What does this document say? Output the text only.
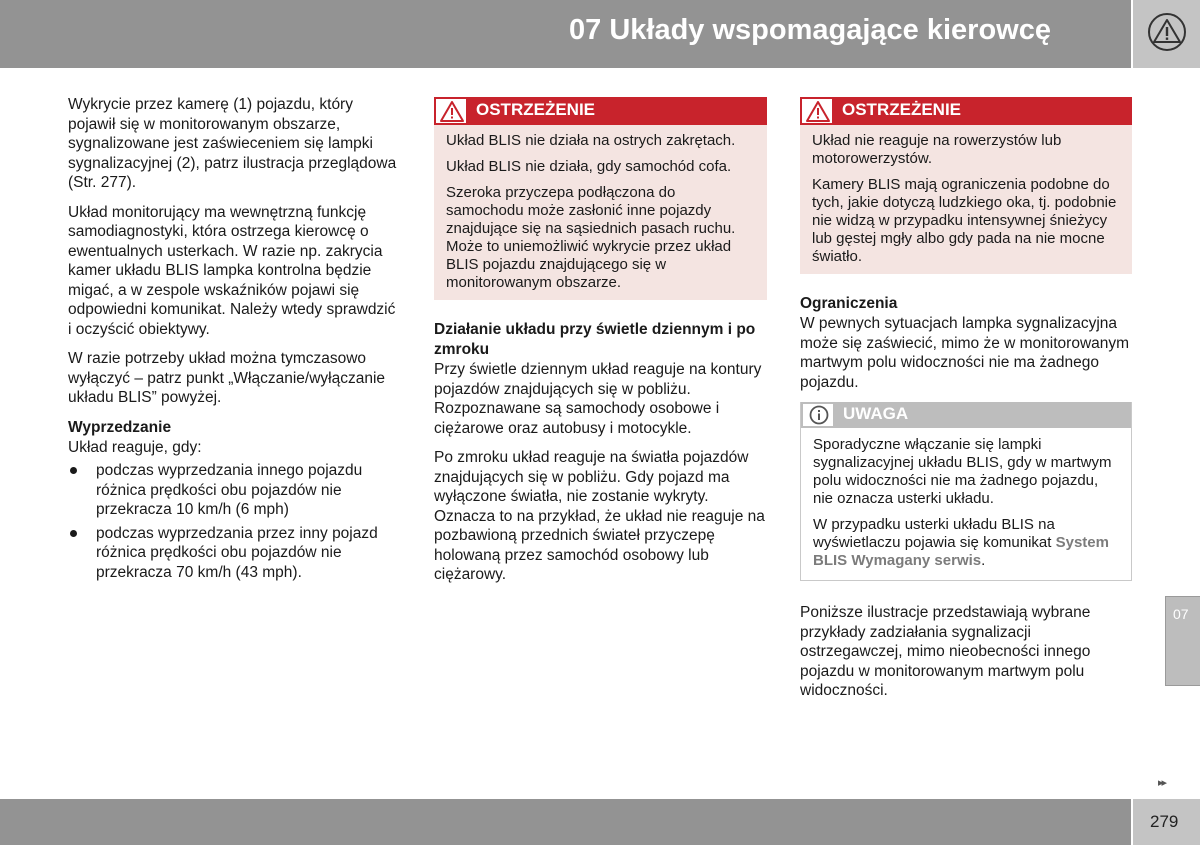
07 Układy wspomagające kierowcę

Wykrycie przez kamerę (1) pojazdu, który pojawił się w monitorowanym obszarze, sygnalizowane jest zaświeceniem się lampki sygnalizacyjnej (2), patrz ilustracja przeglądowa (Str. 277).

Układ monitorujący ma wewnętrzną funkcję samodiagnostyki, która ostrzega kierowcę o ewentualnych usterkach. W razie np. zakrycia kamer układu BLIS lampka kontrolna będzie migać, a w zespole wskaźników pojawi się odpowiedni komunikat. Należy wtedy sprawdzić i oczyścić obiektywy.

W razie potrzeby układ można tymczasowo wyłączyć – patrz punkt „Włączanie/wyłączanie układu BLIS” powyżej.

Wyprzedzanie
Układ reaguje, gdy:
podczas wyprzedzania innego pojazdu różnica prędkości obu pojazdów nie przekracza 10 km/h (6 mph)
podczas wyprzedzania przez inny pojazd różnica prędkości obu pojazdów nie przekracza 70 km/h (43 mph).
OSTRZEŻENIE

Układ BLIS nie działa na ostrych zakrętach.

Układ BLIS nie działa, gdy samochód cofa.

Szeroka przyczepa podłączona do samochodu może zasłonić inne pojazdy znajdujące się na sąsiednich pasach ruchu. Może to uniemożliwić wykrycie przez układ BLIS pojazdu znajdującego się w monitorowanym obszarze.

Działanie układu przy świetle dziennym i po zmroku

Przy świetle dziennym układ reaguje na kontury pojazdów znajdujących się w pobliżu. Rozpoznawane są samochody osobowe i ciężarowe oraz autobusy i motocykle.

Po zmroku układ reaguje na światła pojazdów znajdujących się w pobliżu. Gdy pojazd ma wyłączone światła, nie zostanie wykryty. Oznacza to na przykład, że układ nie reaguje na pozbawioną przednich świateł przyczepę holowaną przez samochód osobowy lub ciężarowy.

OSTRZEŻENIE

Układ nie reaguje na rowerzystów lub motorowerzystów.

Kamery BLIS mają ograniczenia podobne do tych, jakie dotyczą ludzkiego oka, tj. podobnie nie widzą w przypadku intensywnej śnieżycy lub gęstej mgły albo gdy pada na nie mocne światło.

Ograniczenia

W pewnych sytuacjach lampka sygnalizacyjna może się zaświecić, mimo że w monitorowanym martwym polu widoczności nie ma żadnego pojazdu.

UWAGA

Sporadyczne włączanie się lampki sygnalizacyjnej układu BLIS, gdy w martwym polu widoczności nie ma żadnego pojazdu, nie oznacza usterki układu.

W przypadku usterki układu BLIS na wyświetlaczu pojawia się komunikat System BLIS Wymagany serwis.

Poniższe ilustracje przedstawiają wybrane przykłady zadziałania sygnalizacji ostrzegawczej, mimo nieobecności innego pojazdu w monitorowanym martwym polu widoczności.

07
▸▸
279
